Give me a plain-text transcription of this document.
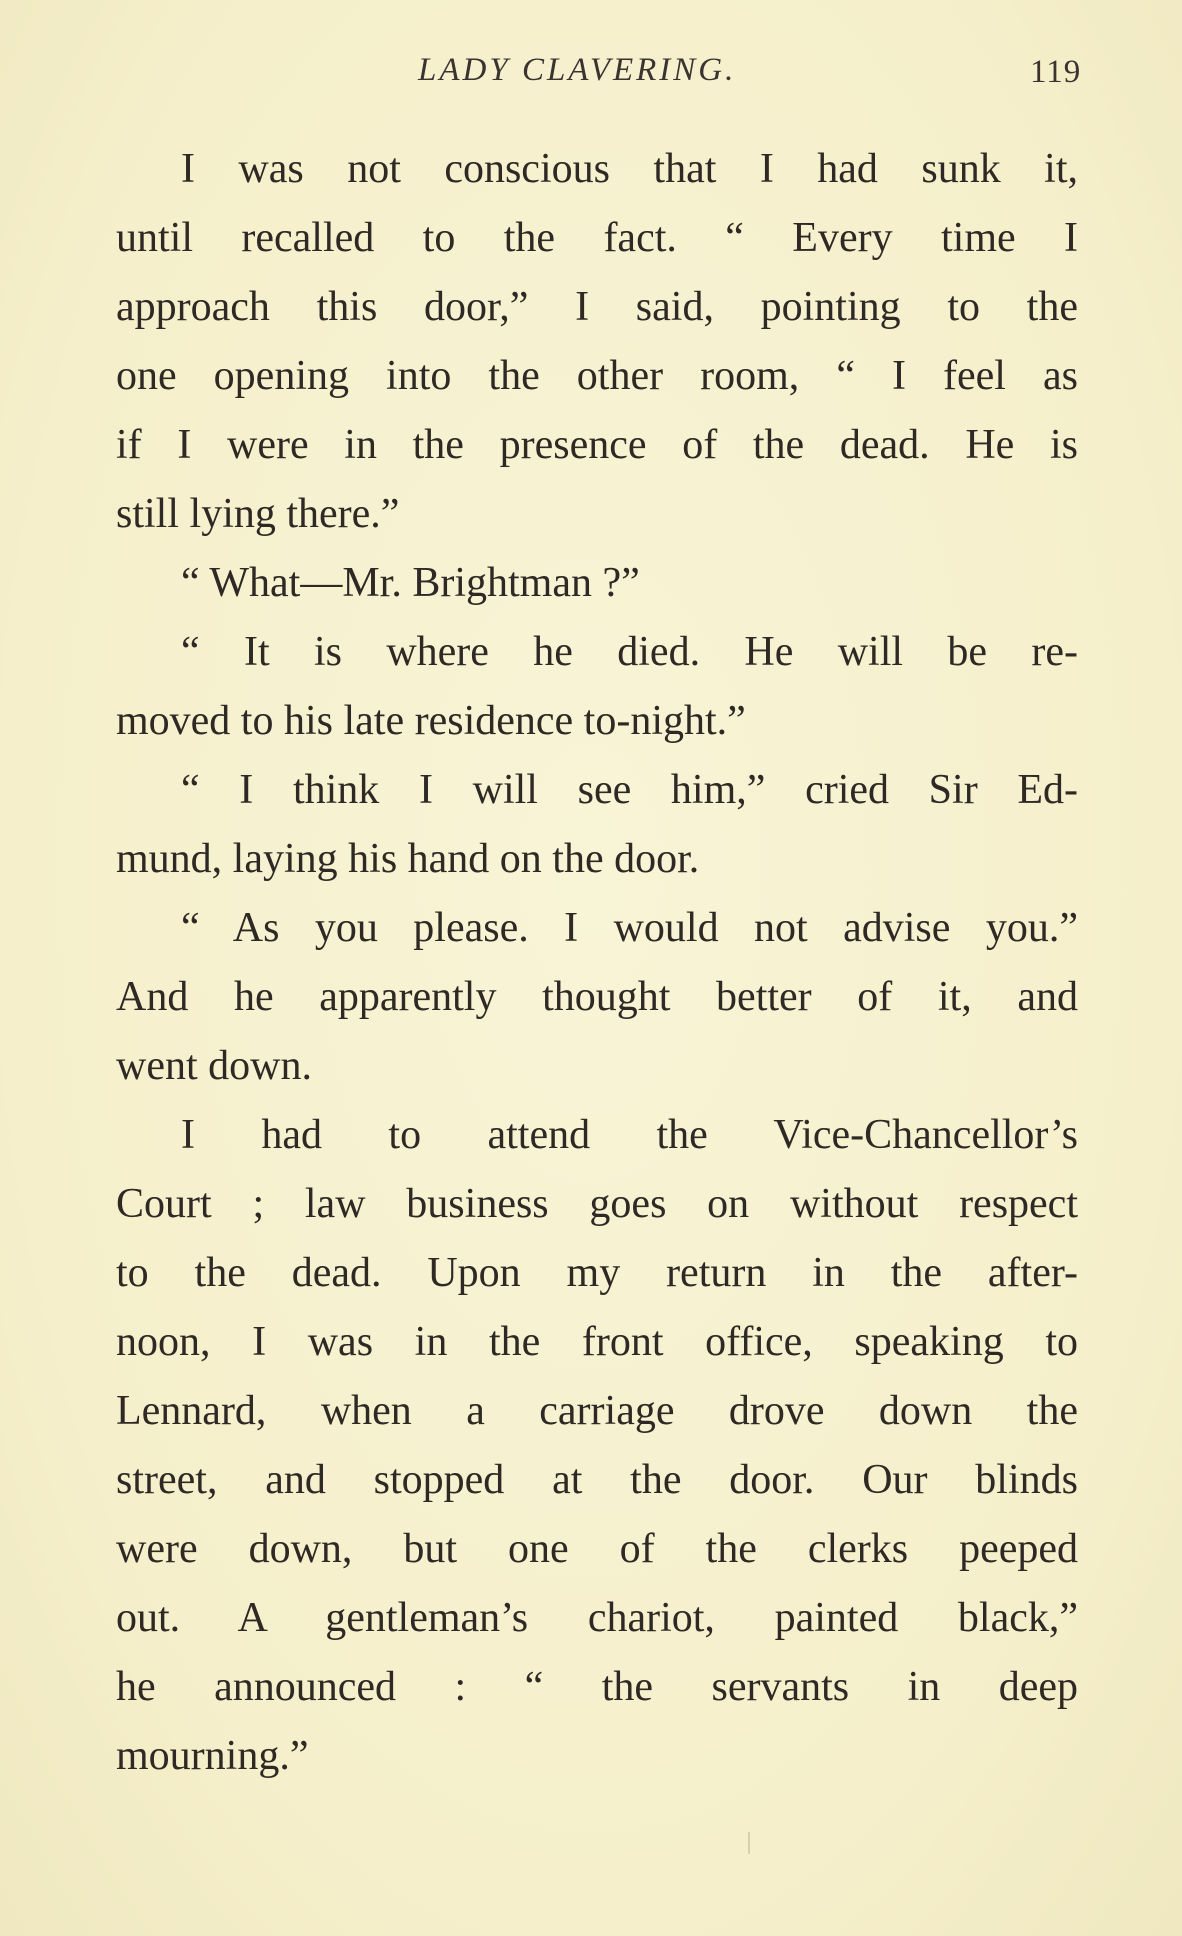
LADY CLAVERING.	119
I was not conscious that I had sunk it,
until recalled to the fact. “ Every time I
approach this door,” I said, pointing to the
one opening into the other room, “ I feel as
if I were in the presence of the dead. He is
still lying there.”
“ What—Mr. Brightman ?”
“ It is where he died. He will be re-
moved to his late residence to-night.”
“ I think I will see him,” cried Sir Ed-
mund, laying his hand on the door.
“ As you please. I would not advise you.”
And he apparently thought better of it, and
went down.
I had to attend the Vice-Chancellor’s
Court ; law business goes on without respect
to the dead. Upon my return in the after-
noon, I was in the front office, speaking to
Lennard, when a carriage drove down the
street, and stopped at the door. Our blinds
were down, but one of the clerks peeped
out. A gentleman’s chariot, painted black,”
he announced : “ the servants in deep
mourning.”
